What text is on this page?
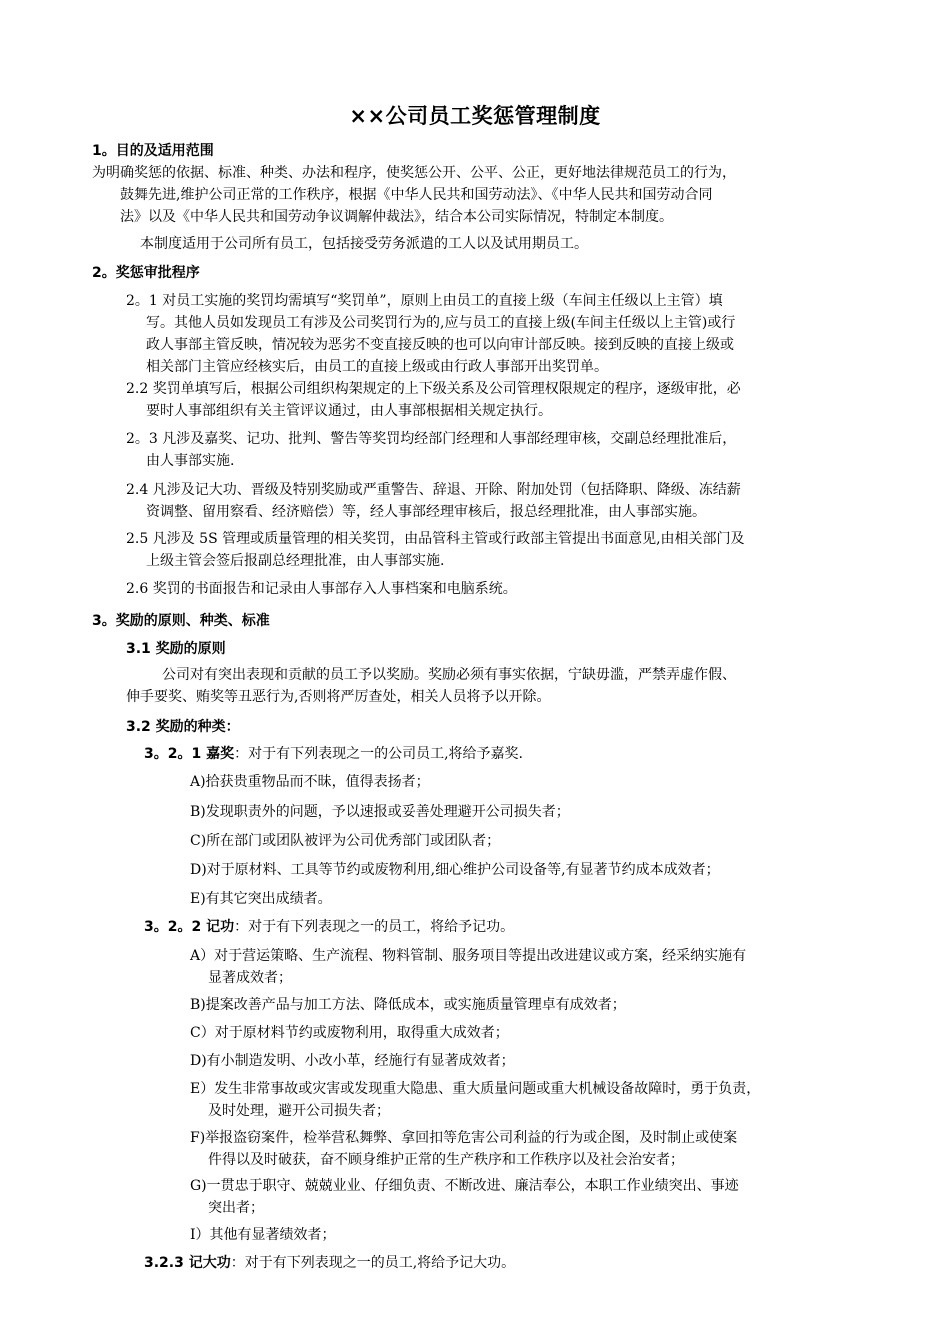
××公司员工奖惩管理制度
1。目的及适用范围
为明确奖惩的依据、标准、种类、办法和程序，使奖惩公开、公平、公正，更好地法律规范员工的行为，
鼓舞先进,维护公司正常的工作秩序，根据《中华人民共和国劳动法》、《中华人民共和国劳动合同
法》以及《中华人民共和国劳动争议调解仲裁法》，结合本公司实际情况，特制定本制度。
本制度适用于公司所有员工，包括接受劳务派遣的工人以及试用期员工。
2。奖惩审批程序
2。1 对员工实施的奖罚均需填写“奖罚单”，原则上由员工的直接上级（车间主任级以上主管）填
写。其他人员如发现员工有涉及公司奖罚行为的,应与员工的直接上级(车间主任级以上主管)或行
政人事部主管反映，情况较为恶劣不变直接反映的也可以向审计部反映。接到反映的直接上级或
相关部门主管应经核实后，由员工的直接上级或由行政人事部开出奖罚单。
2.2 奖罚单填写后，根据公司组织构架规定的上下级关系及公司管理权限规定的程序，逐级审批，必
要时人事部组织有关主管评议通过，由人事部根据相关规定执行。
2。3 凡涉及嘉奖、记功、批判、警告等奖罚均经部门经理和人事部经理审核，交副总经理批准后，
由人事部实施.
2.4 凡涉及记大功、晋级及特别奖励或严重警告、辞退、开除、附加处罚（包括降职、降级、冻结薪
资调整、留用察看、经济赔偿）等，经人事部经理审核后，报总经理批准，由人事部实施。
2.5 凡涉及 5S 管理或质量管理的相关奖罚，由品管科主管或行政部主管提出书面意见,由相关部门及
上级主管会签后报副总经理批准，由人事部实施.
2.6 奖罚的书面报告和记录由人事部存入人事档案和电脑系统。
3。奖励的原则、种类、标准
3.1 奖励的原则
公司对有突出表现和贡献的员工予以奖励。奖励必须有事实依据，宁缺毋滥，严禁弄虚作假、
伸手要奖、贿奖等丑恶行为,否则将严厉查处，相关人员将予以开除。
3.2 奖励的种类：
3。2。1 嘉奖：对于有下列表现之一的公司员工,将给予嘉奖.
A)拾获贵重物品而不昧，值得表扬者；
B)发现职责外的问题，予以速报或妥善处理避开公司损失者；
C)所在部门或团队被评为公司优秀部门或团队者；
D)对于原材料、工具等节约或废物利用,细心维护公司设备等,有显著节约成本成效者；
E)有其它突出成绩者。
3。2。2 记功：对于有下列表现之一的员工，将给予记功。
A）对于营运策略、生产流程、物料管制、服务项目等提出改进建议或方案，经采纳实施有
显著成效者；
B)提案改善产品与加工方法、降低成本，或实施质量管理卓有成效者；
C）对于原材料节约或废物利用，取得重大成效者；
D)有小制造发明、小改小革，经施行有显著成效者；
E）发生非常事故或灾害或发现重大隐患、重大质量问题或重大机械设备故障时，勇于负责，
及时处理，避开公司损失者；
F)举报盗窃案件，检举营私舞弊、拿回扣等危害公司利益的行为或企图，及时制止或使案
件得以及时破获，奋不顾身维护正常的生产秩序和工作秩序以及社会治安者；
G)一贯忠于职守、兢兢业业、仔细负责、不断改进、廉洁奉公，本职工作业绩突出、事迹
突出者；
I）其他有显著绩效者；
3.2.3 记大功：对于有下列表现之一的员工,将给予记大功。
